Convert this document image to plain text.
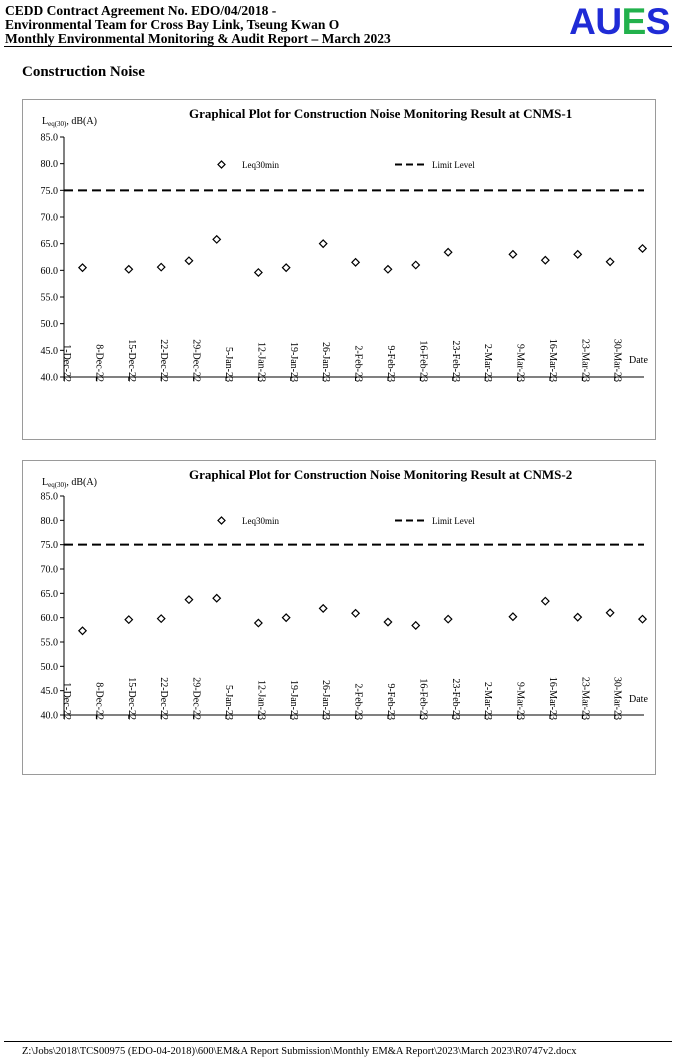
CEDD Contract Agreement No. EDO/04/2018 -
Environmental Team for Cross Bay Link, Tseung Kwan O
Monthly Environmental Monitoring & Audit Report – March 2023	AUES
Construction Noise
Graphical Plot for Construction Noise Monitoring Result at CNMS-1
$L_{eq(30)}$, dB(A)
40.0
45.0
50.0
55.0
60.0
65.0
70.0
75.0
80.0
85.0
1-Dec-22 8-Dec-22 15-Dec-22 22-Dec-22 29-Dec-22 5-Jan-23 12-Jan-23 19-Jan-23 26-Jan-23 2-Feb-23 9-Feb-23 16-Feb-23 23-Feb-23 2-Mar-23 9-Mar-23 16-Mar-23 23-Mar-23 30-Mar-23 Date
Leq30min	Limit Level
Graphical Plot for Construction Noise Monitoring Result at CNMS-2
$L_{eq(30)}$, dB(A)
40.0
45.0
50.0
55.0
60.0
65.0
70.0
75.0
80.0
85.0
1-Dec-22 8-Dec-22 15-Dec-22 22-Dec-22 29-Dec-22 5-Jan-23 12-Jan-23 19-Jan-23 26-Jan-23 2-Feb-23 9-Feb-23 16-Feb-23 23-Feb-23 2-Mar-23 9-Mar-23 16-Mar-23 23-Mar-23 30-Mar-23 Date
Leq30min	Limit Level
Z:\Jobs\2018\TCS00975 (EDO-04-2018)\600\EM&A Report Submission\Monthly EM&A Report\2023\March 2023\R0747v2.docx
